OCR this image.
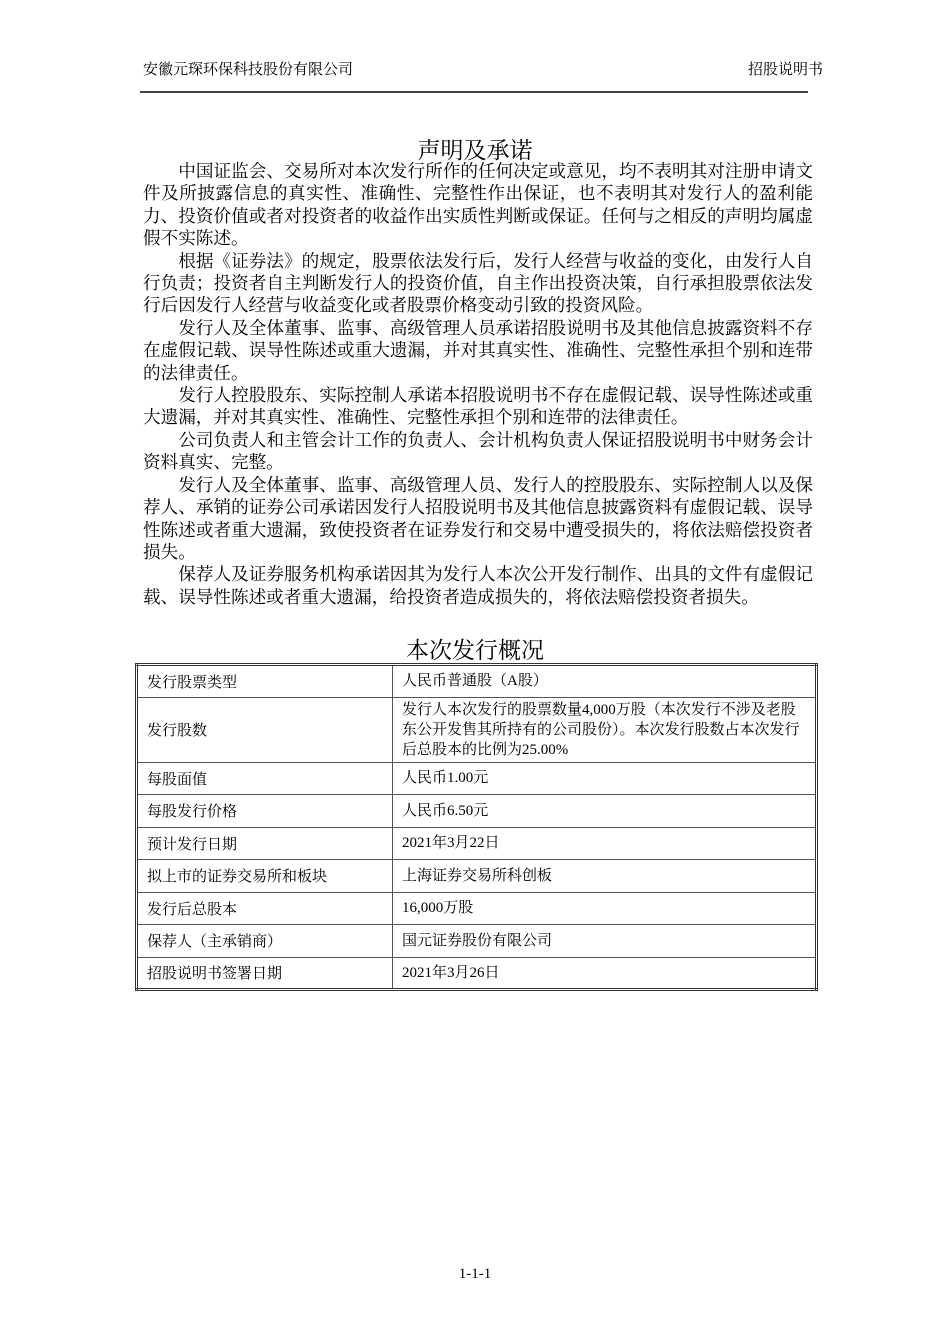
安徽元琛环保科技股份有限公司	招股说明书
声明及承诺

中国证监会、交易所对本次发行所作的任何决定或意见，均不表明其对注册申请文件及所披露信息的真实性、准确性、完整性作出保证，也不表明其对发行人的盈利能力、投资价值或者对投资者的收益作出实质性判断或保证。任何与之相反的声明均属虚假不实陈述。

根据《证券法》的规定，股票依法发行后，发行人经营与收益的变化，由发行人自行负责；投资者自主判断发行人的投资价值，自主作出投资决策，自行承担股票依法发行后因发行人经营与收益变化或者股票价格变动引致的投资风险。

发行人及全体董事、监事、高级管理人员承诺招股说明书及其他信息披露资料不存在虚假记载、误导性陈述或重大遗漏，并对其真实性、准确性、完整性承担个别和连带的法律责任。

发行人控股股东、实际控制人承诺本招股说明书不存在虚假记载、误导性陈述或重大遗漏，并对其真实性、准确性、完整性承担个别和连带的法律责任。

公司负责人和主管会计工作的负责人、会计机构负责人保证招股说明书中财务会计资料真实、完整。

发行人及全体董事、监事、高级管理人员、发行人的控股股东、实际控制人以及保荐人、承销的证券公司承诺因发行人招股说明书及其他信息披露资料有虚假记载、误导性陈述或者重大遗漏，致使投资者在证券发行和交易中遭受损失的，将依法赔偿投资者损失。

保荐人及证券服务机构承诺因其为发行人本次公开发行制作、出具的文件有虚假记载、误导性陈述或者重大遗漏，给投资者造成损失的，将依法赔偿投资者损失。

本次发行概况
发行股票类型	人民币普通股（A股）
发行股数	发行人本次发行的股票数量4,000万股（本次发行不涉及老股东公开发售其所持有的公司股份）。本次发行股数占本次发行后总股本的比例为25.00%
每股面值	人民币1.00元
每股发行价格	人民币6.50元
预计发行日期	2021年3月22日
拟上市的证券交易所和板块	上海证券交易所科创板
发行后总股本	16,000万股
保荐人（主承销商）	国元证券股份有限公司
招股说明书签署日期	2021年3月26日
1-1-1
